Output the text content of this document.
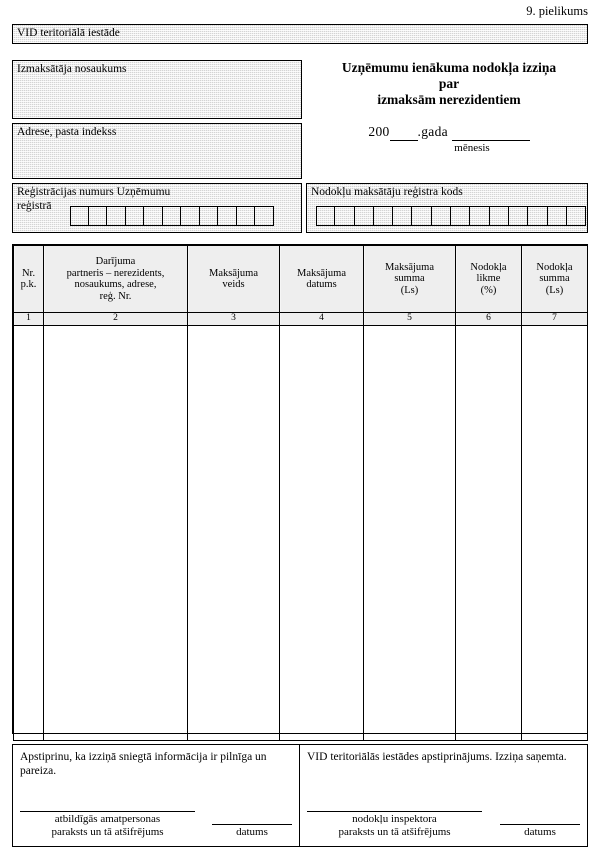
9. pielikums
VID teritoriālā iestāde
Izmaksātāja nosaukums
Adrese, pasta indekss
Reģistrācijas numurs Uzņēmumu
reģistrā
Nodokļu maksātāju reģistra kods
Uzņēmumu ienākuma nodokļa izziņa
par
izmaksām nerezidentiem
200 .gada
mēnesis
Nr.
p.k.	Darījuma
partneris – nerezidents,
nosaukums, adrese,
reģ. Nr.	Maksājuma
veids	Maksājuma
datums	Maksājuma
summa
(Ls)	Nodokļa
likme
(%)	Nodokļa
summa
(Ls)
1	2	3	4	5	6	7

Apstiprinu, ka izziņā sniegtā informācija ir pilnīga un pareiza.
atbildīgās amatpersonas
paraksts un tā atšifrējums	datums
VID teritoriālās iestādes apstiprinājums. Izziņa saņemta.
nodokļu inspektora
paraksts un tā atšifrējums	datums
